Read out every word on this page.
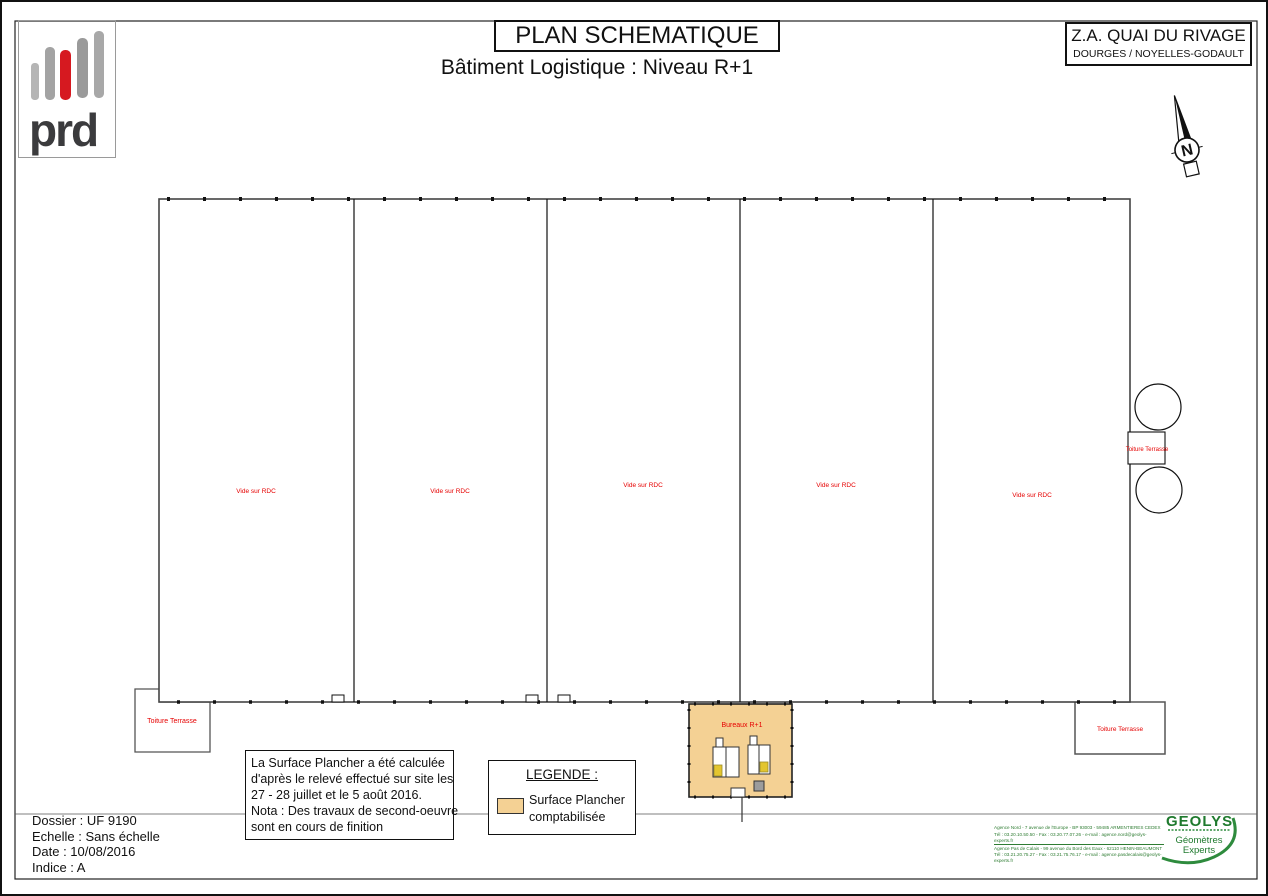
Vide sur RDC	Vide sur RDC
Vide sur RDC	Vide sur RDC
Vide sur RDC
Toiture Terrasse
Toiture Terrasse
Toiture Terrasse
Bureaux R+1
N
GEOLYS
Géomètres
Experts
prd
PLAN SCHEMATIQUE
Bâtiment Logistique : Niveau R+1
Z.A. QUAI DU RIVAGE
DOURGES / NOYELLES-GODAULT
La Surface Plancher a été calculée
d'après le relevé effectué sur site les
27 - 28 juillet et le 5 août 2016.
Nota : Des travaux de second-oeuvre
sont en cours de finition
LEGENDE :
Surface Plancher
comptabilisée
Dossier : UF 9190
Echelle : Sans échelle
Date : 10/08/2016
Indice : A
Agence Nord - 7 avenue de l'Europe - BP 93003 - 59485 ARMENTIERES CEDEX
Tél : 03.20.10.50.50 - Fax : 03.20.77.07.26 - e-mail : agence.nord@geolys-experts.fr
Agence Pas de Calais - 99 avenue du Bord des Eaux - 62110 HENIN-BEAUMONT
Tél : 03.21.20.75.27 - Fax : 03.21.75.76.17 - e-mail : agence.pasdecalais@geolys-experts.fr
